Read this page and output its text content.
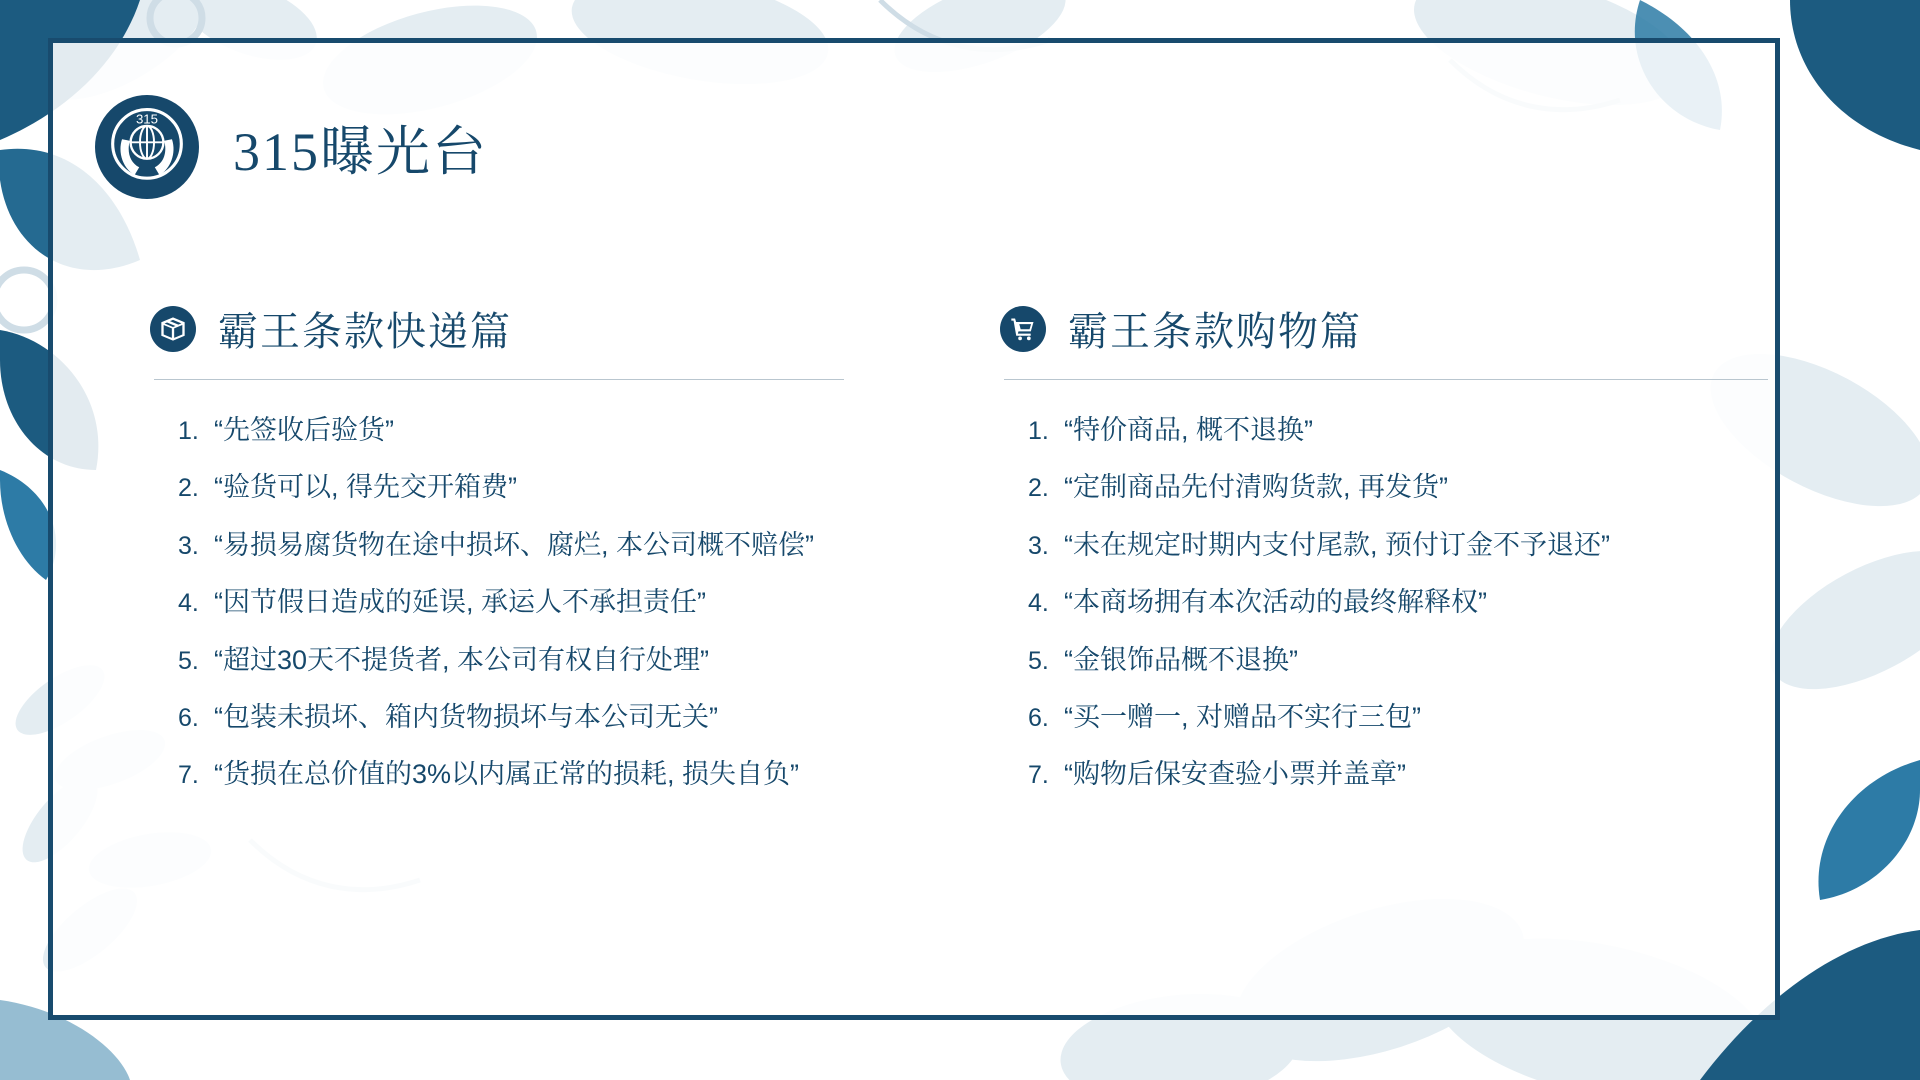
315
315曝光台
霸王条款快递篇
1. “先签收后验货”
2. “验货可以, 得先交开箱费”
3. “易损易腐货物在途中损坏、腐烂, 本公司概不赔偿”
4. “因节假日造成的延误, 承运人不承担责任”
5. “超过30天不提货者, 本公司有权自行处理”
6. “包装未损坏、箱内货物损坏与本公司无关”
7. “货损在总价值的3%以内属正常的损耗, 损失自负”
霸王条款购物篇
1. “特价商品, 概不退换”
2. “定制商品先付清购货款, 再发货”
3. “未在规定时期内支付尾款, 预付订金不予退还”
4. “本商场拥有本次活动的最终解释权”
5. “金银饰品概不退换”
6. “买一赠一, 对赠品不实行三包”
7. “购物后保安查验小票并盖章”
